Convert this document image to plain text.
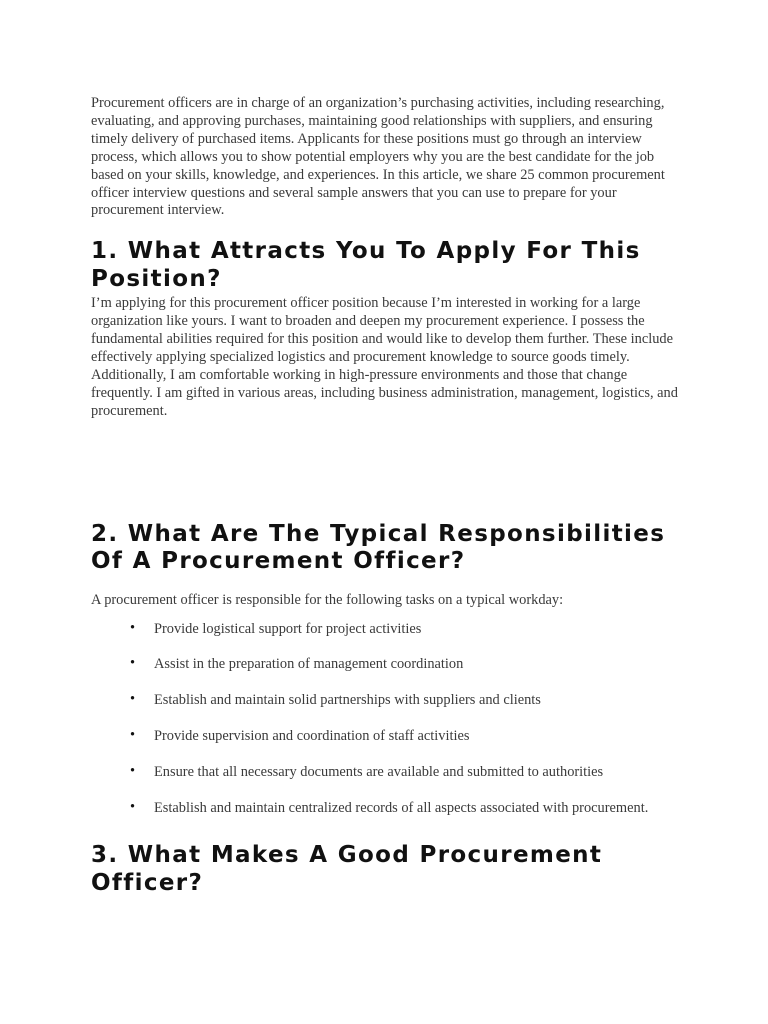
Procurement officers are in charge of an organization’s purchasing activities, including researching, evaluating, and approving purchases, maintaining good relationships with suppliers, and ensuring timely delivery of purchased items. Applicants for these positions must go through an interview process, which allows you to show potential employers why you are the best candidate for the job based on your skills, knowledge, and experiences. In this article, we share 25 common procurement officer interview questions and several sample answers that you can use to prepare for your procurement interview.

1. What Attracts You To Apply For This Position?

I’m applying for this procurement officer position because I’m interested in working for a large organization like yours. I want to broaden and deepen my procurement experience. I possess the fundamental abilities required for this position and would like to develop them further. These include effectively applying specialized logistics and procurement knowledge to source goods timely. Additionally, I am comfortable working in high-pressure environments and those that change frequently. I am gifted in various areas, including business administration, management, logistics, and procurement.

2. What Are The Typical Responsibilities Of A Procurement Officer?

A procurement officer is responsible for the following tasks on a typical workday:

• Provide logistical support for project activities
• Assist in the preparation of management coordination
• Establish and maintain solid partnerships with suppliers and clients
• Provide supervision and coordination of staff activities
• Ensure that all necessary documents are available and submitted to authorities
• Establish and maintain centralized records of all aspects associated with procurement.
3. What Makes A Good Procurement Officer?
